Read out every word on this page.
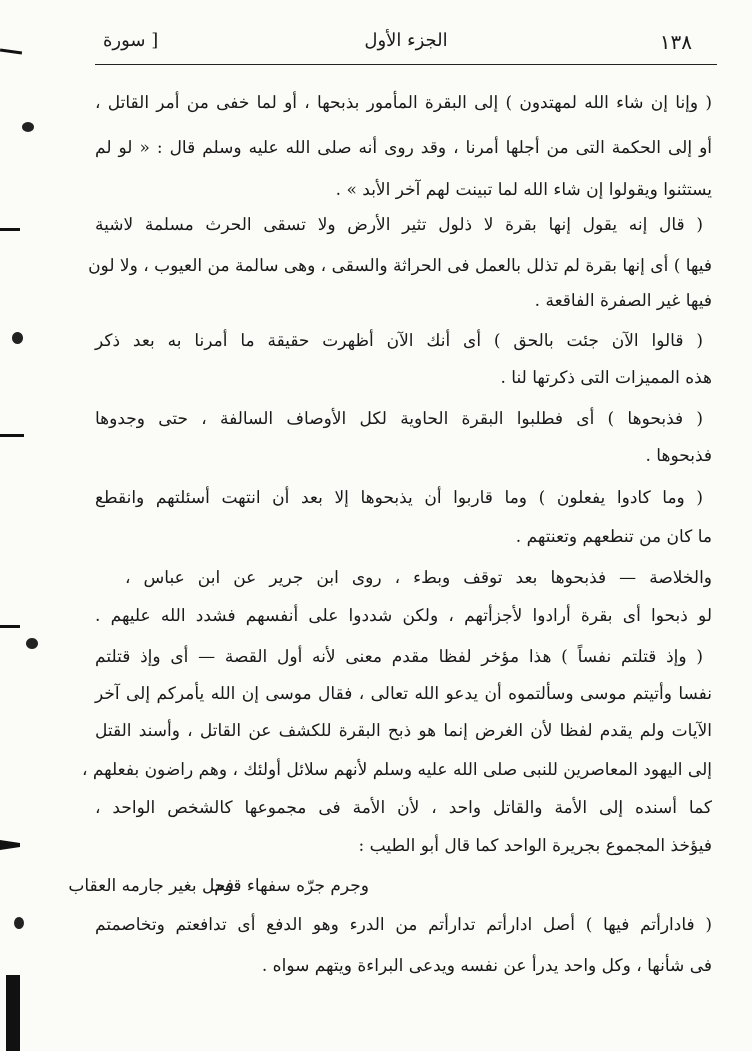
١٣٨
الجزء الأول
[ سورة
( وإنا إن شاء الله لمهتدون ) إلى البقرة المأمور بذبحها ، أو لما خفى من أمر القاتل ،
أو إلى الحكمة التى من أجلها أمرنا ، وقد روى أنه صلى الله عليه وسلم قال : « لو لم
يستثنوا ويقولوا إن شاء الله لما تبينت لهم آخر الأبد » .
( قال إنه يقول إنها بقرة لا ذلول تثير الأرض ولا تسقى الحرث مسلمة لاشية
فيها ) أى إنها بقرة لم تذلل بالعمل فى الحراثة والسقى ، وهى سالمة من العيوب ، ولا لون
فيها غير الصفرة الفاقعة .
( قالوا الآن جئت بالحق ) أى أنك الآن أظهرت حقيقة ما أمرنا به بعد ذكر
هذه المميزات التى ذكرتها لنا .
( فذبحوها ) أى فطلبوا البقرة الحاوية لكل الأوصاف السالفة ، حتى وجدوها
فذبحوها .
( وما كادوا يفعلون ) وما قاربوا أن يذبحوها إلا بعد أن انتهت أسئلتهم وانقطع
ما كان من تنطعهم وتعنتهم .
والخلاصة — فذبحوها بعد توقف وبطء ، روى ابن جرير عن ابن عباس ،
لو ذبحوا أى بقرة أرادوا لأجزأتهم ، ولكن شددوا على أنفسهم فشدد الله عليهم .
( وإذ قتلتم نفساً ) هذا مؤخر لفظا مقدم معنى لأنه أول القصة — أى وإذ قتلتم
نفسا وأتيتم موسى وسألتموه أن يدعو الله تعالى ، فقال موسى إن الله يأمركم إلى آخر
الآيات ولم يقدم لفظا لأن الغرض إنما هو ذبح البقرة للكشف عن القاتل ، وأسند القتل
إلى اليهود المعاصرين للنبى صلى الله عليه وسلم لأنهم سلائل أولئك ، وهم راضون بفعلهم ،
كما أسنده إلى الأمة والقاتل واحد ، لأن الأمة فى مجموعها كالشخص الواحد ،
فيؤخذ المجموع بجريرة الواحد كما قال أبو الطيب :
وجرم جرّه سفهاء قوم
فحل بغير جارمه العقاب
( فادارأتم فيها ) أصل ادارأتم تدارأتم من الدرء وهو الدفع أى تدافعتم وتخاصمتم
فى شأنها ، وكل واحد يدرأ عن نفسه ويدعى البراءة ويتهم سواه .
